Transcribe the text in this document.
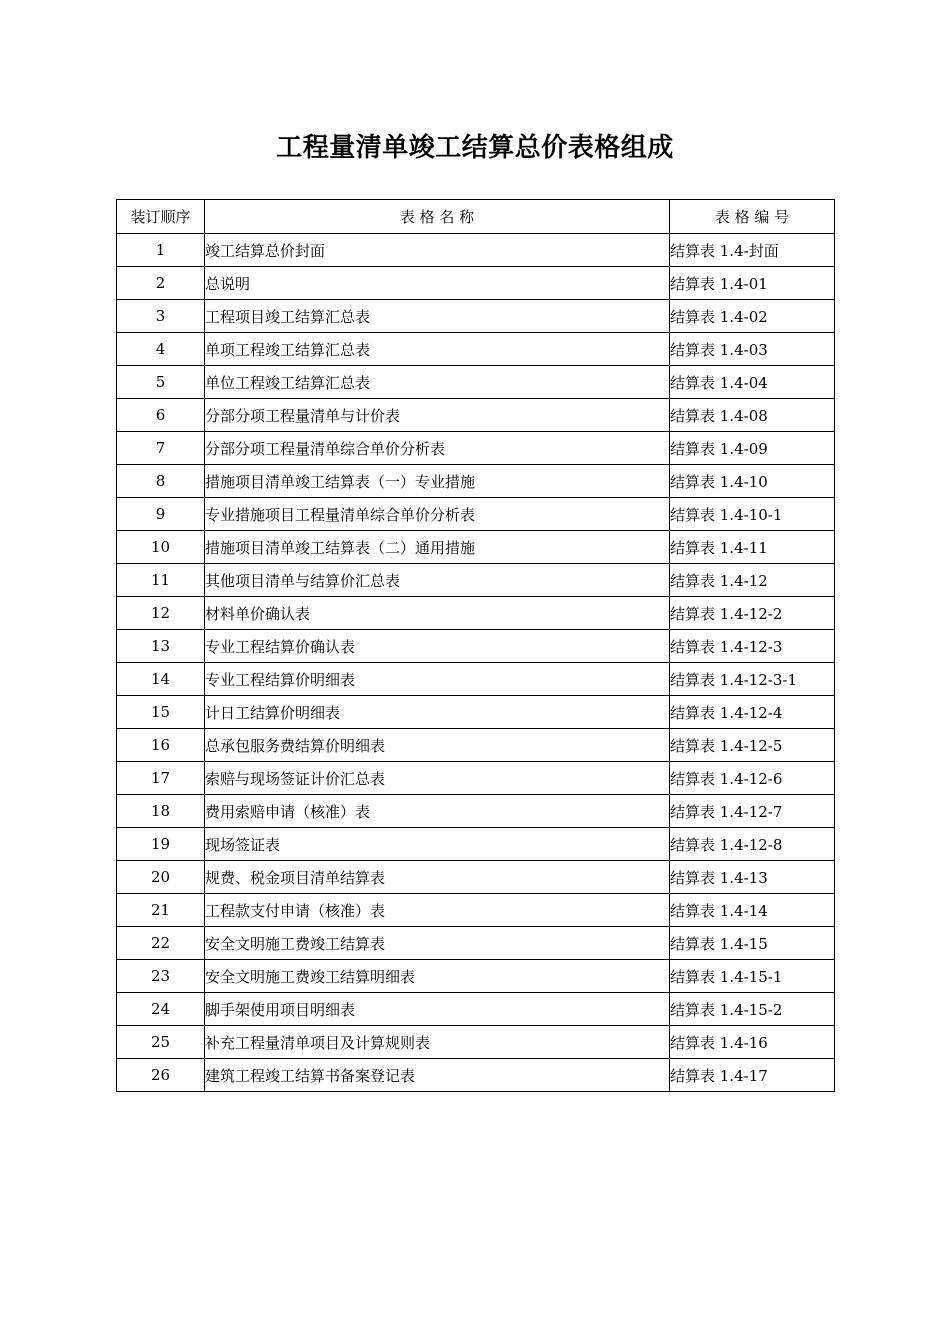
工程量清单竣工结算总价表格组成
装订顺序	表 格 名 称	表 格 编 号
1	竣工结算总价封面	结算表 1.4-封面
2	总说明	结算表 1.4-01
3	工程项目竣工结算汇总表	结算表 1.4-02
4	单项工程竣工结算汇总表	结算表 1.4-03
5	单位工程竣工结算汇总表	结算表 1.4-04
6	分部分项工程量清单与计价表	结算表 1.4-08
7	分部分项工程量清单综合单价分析表	结算表 1.4-09
8	措施项目清单竣工结算表（一）专业措施	结算表 1.4-10
9	专业措施项目工程量清单综合单价分析表	结算表 1.4-10-1
10	措施项目清单竣工结算表（二）通用措施	结算表 1.4-11
11	其他项目清单与结算价汇总表	结算表 1.4-12
12	材料单价确认表	结算表 1.4-12-2
13	专业工程结算价确认表	结算表 1.4-12-3
14	专业工程结算价明细表	结算表 1.4-12-3-1
15	计日工结算价明细表	结算表 1.4-12-4
16	总承包服务费结算价明细表	结算表 1.4-12-5
17	索赔与现场签证计价汇总表	结算表 1.4-12-6
18	费用索赔申请（核准）表	结算表 1.4-12-7
19	现场签证表	结算表 1.4-12-8
20	规费、税金项目清单结算表	结算表 1.4-13
21	工程款支付申请（核准）表	结算表 1.4-14
22	安全文明施工费竣工结算表	结算表 1.4-15
23	安全文明施工费竣工结算明细表	结算表 1.4-15-1
24	脚手架使用项目明细表	结算表 1.4-15-2
25	补充工程量清单项目及计算规则表	结算表 1.4-16
26	建筑工程竣工结算书备案登记表	结算表 1.4-17
